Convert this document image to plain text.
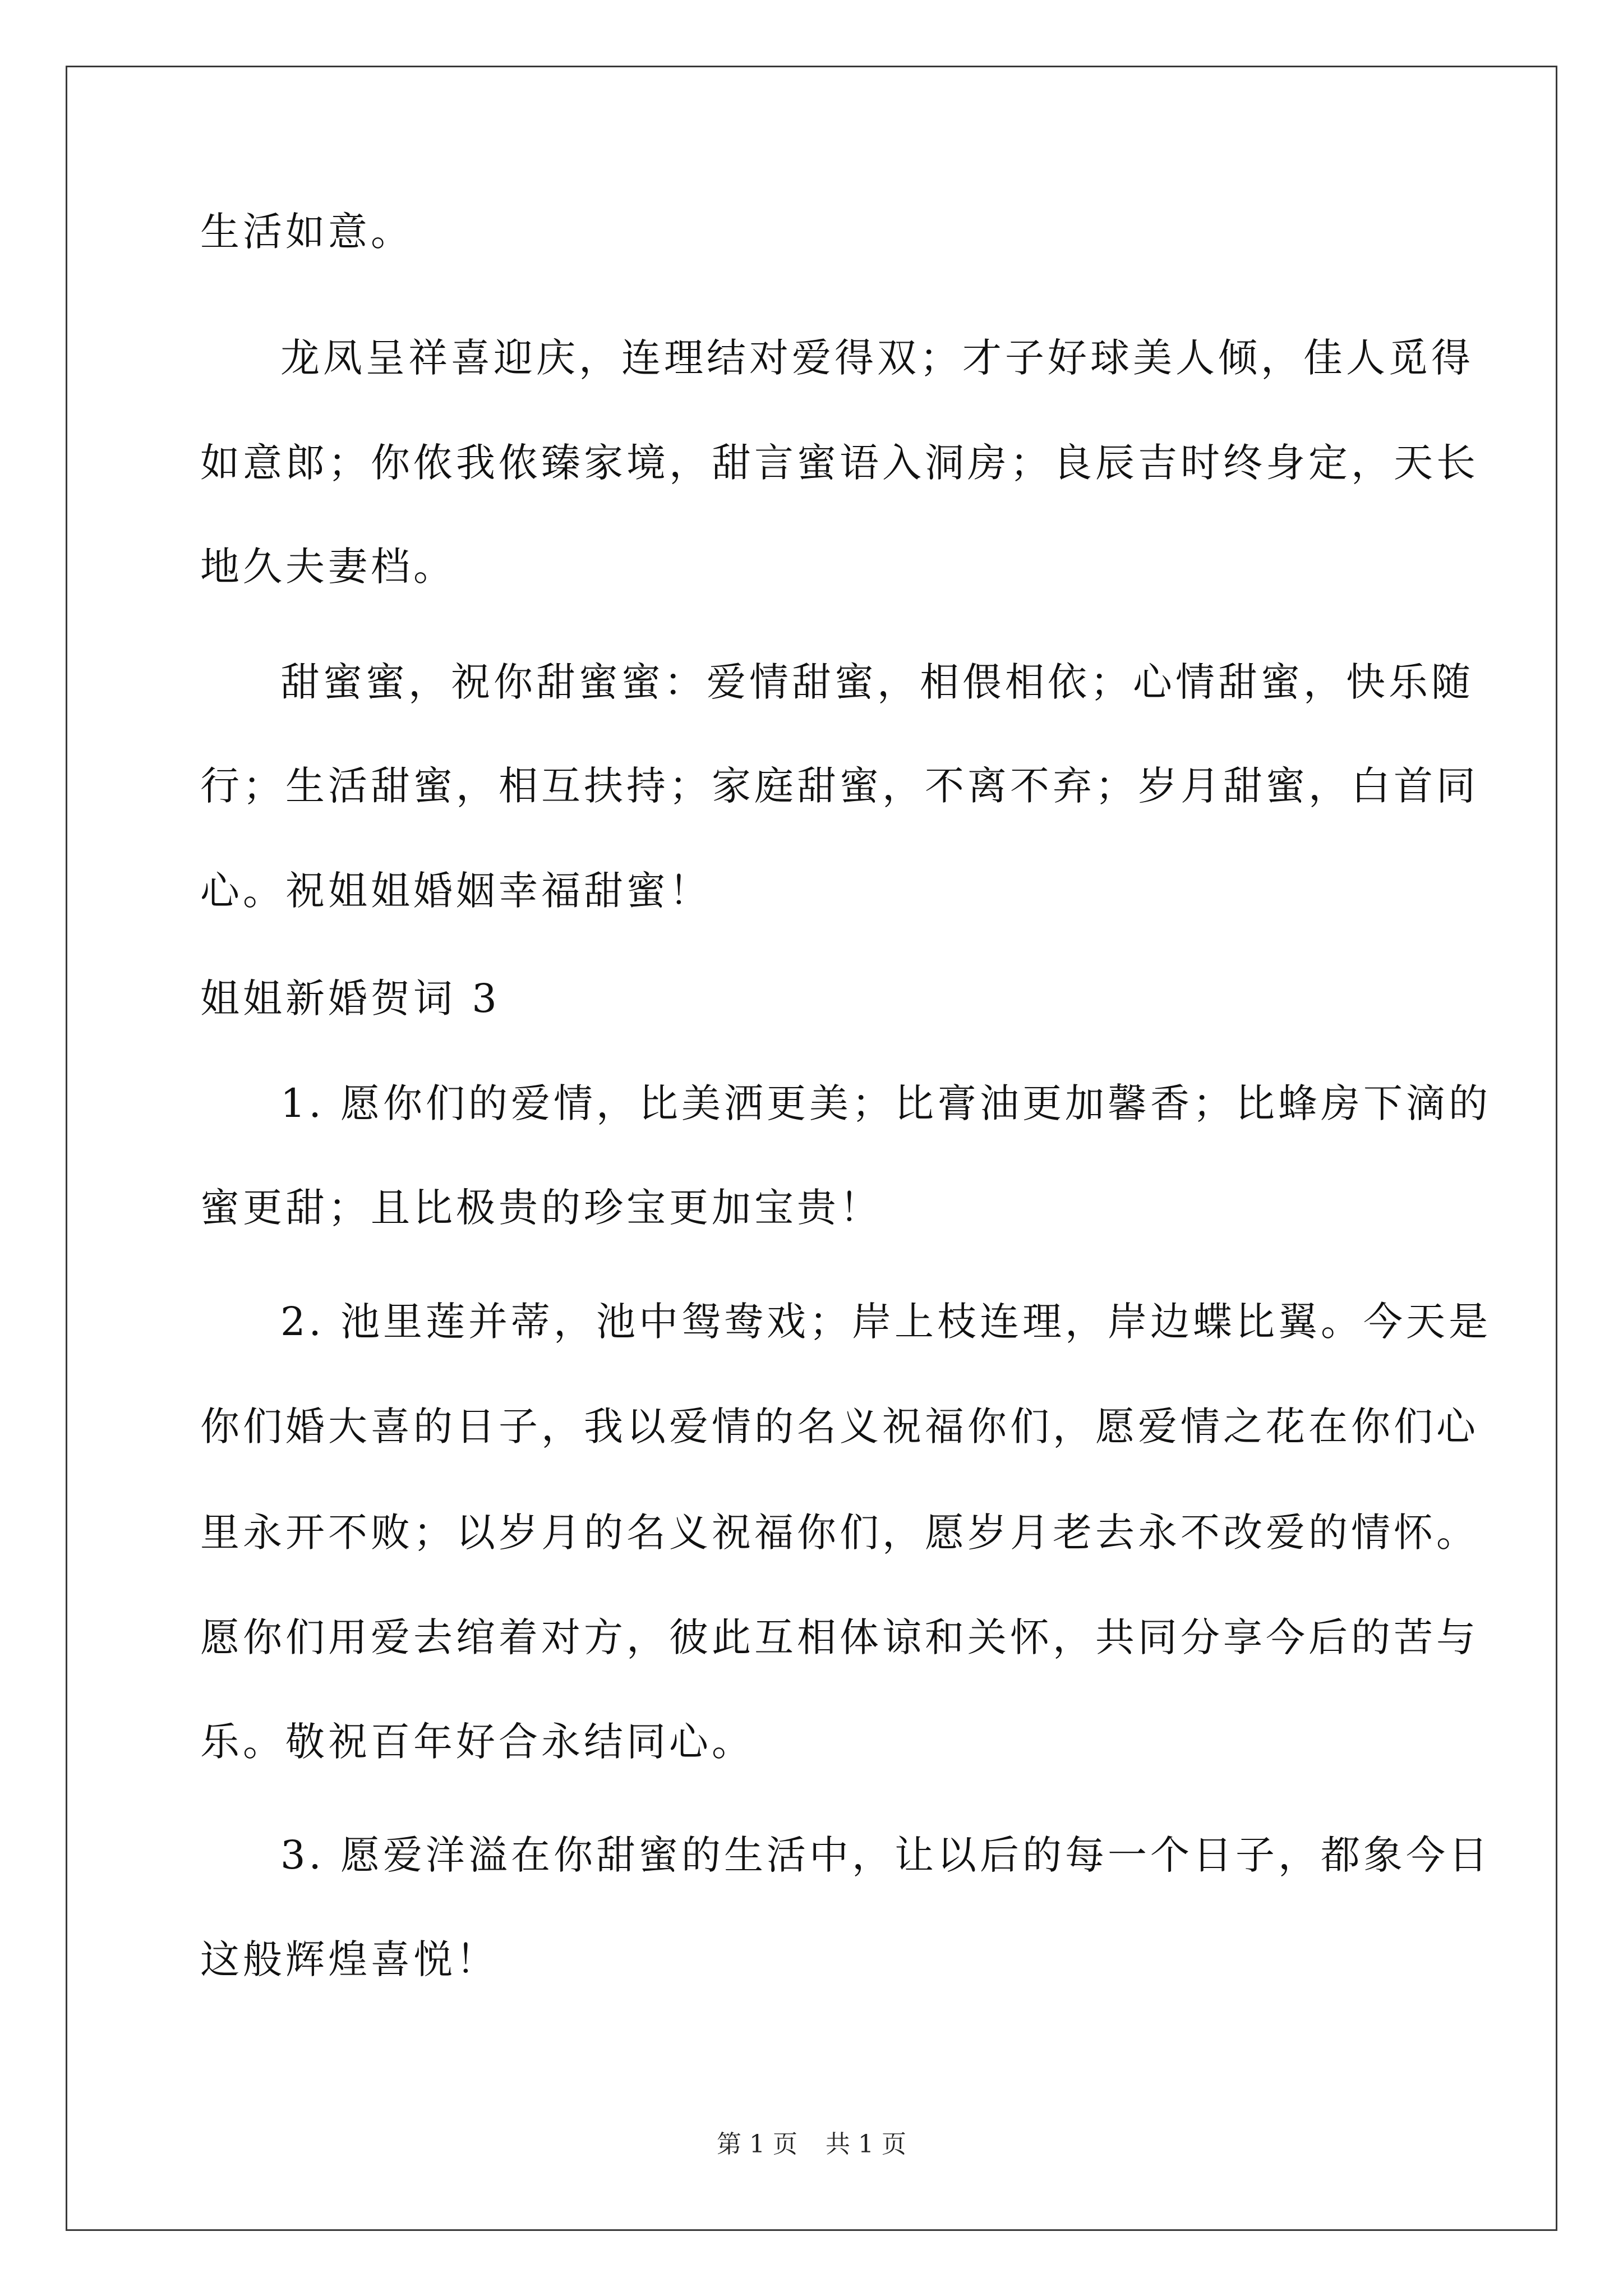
生活如意。
龙凤呈祥喜迎庆，连理结对爱得双；才子好球美人倾，佳人觅得
如意郎；你侬我侬臻家境，甜言蜜语入洞房；良辰吉时终身定，天长
地久夫妻档。
甜蜜蜜，祝你甜蜜蜜：爱情甜蜜，相偎相依；心情甜蜜，快乐随
行；生活甜蜜，相互扶持；家庭甜蜜，不离不弃；岁月甜蜜，白首同
心。祝姐姐婚姻幸福甜蜜！
姐姐新婚贺词 3
1. 愿你们的爱情，比美洒更美；比膏油更加馨香；比蜂房下滴的
蜜更甜；且比极贵的珍宝更加宝贵！
2. 池里莲并蒂，池中鸳鸯戏；岸上枝连理，岸边蝶比翼。今天是
你们婚大喜的日子，我以爱情的名义祝福你们，愿爱情之花在你们心
里永开不败；以岁月的名义祝福你们，愿岁月老去永不改爱的情怀。
愿你们用爱去绾着对方，彼此互相体谅和关怀，共同分享今后的苦与
乐。敬祝百年好合永结同心。
3. 愿爱洋溢在你甜蜜的生活中，让以后的每一个日子，都象今日
这般辉煌喜悦！
第 1 页 共 1 页
